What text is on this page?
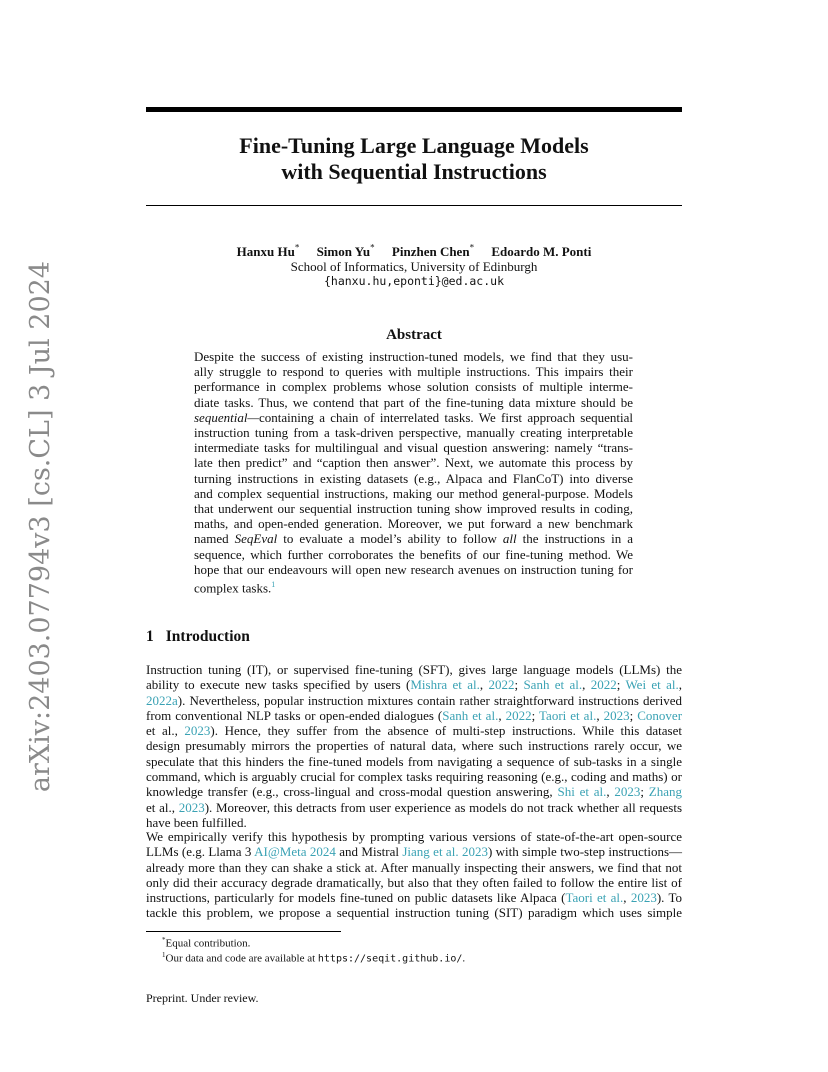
arXiv:2403.07794v3 [cs.CL] 3 Jul 2024
Fine-Tuning Large Language Models
with Sequential Instructions
Hanxu Hu* Simon Yu* Pinzhen Chen* Edoardo M. Ponti
School of Informatics, University of Edinburgh
{hanxu.hu,eponti}@ed.ac.uk
Abstract
Despite the success of existing instruction-tuned models, we find that they usu-
ally struggle to respond to queries with multiple instructions. This impairs their
performance in complex problems whose solution consists of multiple interme-
diate tasks. Thus, we contend that part of the fine-tuning data mixture should be
sequential—containing a chain of interrelated tasks. We first approach sequential
instruction tuning from a task-driven perspective, manually creating interpretable
intermediate tasks for multilingual and visual question answering: namely “trans-
late then predict” and “caption then answer”. Next, we automate this process by
turning instructions in existing datasets (e.g., Alpaca and FlanCoT) into diverse
and complex sequential instructions, making our method general-purpose. Models
that underwent our sequential instruction tuning show improved results in coding,
maths, and open-ended generation. Moreover, we put forward a new benchmark
named SeqEval to evaluate a model’s ability to follow all the instructions in a
sequence, which further corroborates the benefits of our fine-tuning method. We
hope that our endeavours will open new research avenues on instruction tuning for
complex tasks.$^1$
1 Introduction
Instruction tuning (IT), or supervised fine-tuning (SFT), gives large language models (LLMs) the
ability to execute new tasks specified by users (Mishra et al., 2022; Sanh et al., 2022; Wei et al.,
2022a). Nevertheless, popular instruction mixtures contain rather straightforward instructions derived
from conventional NLP tasks or open-ended dialogues (Sanh et al., 2022; Taori et al., 2023; Conover
et al., 2023). Hence, they suffer from the absence of multi-step instructions. While this dataset
design presumably mirrors the properties of natural data, where such instructions rarely occur, we
speculate that this hinders the fine-tuned models from navigating a sequence of sub-tasks in a single
command, which is arguably crucial for complex tasks requiring reasoning (e.g., coding and maths) or
knowledge transfer (e.g., cross-lingual and cross-modal question answering, Shi et al., 2023; Zhang
et al., 2023). Moreover, this detracts from user experience as models do not track whether all requests
have been fulfilled.
We empirically verify this hypothesis by prompting various versions of state-of-the-art open-source
LLMs (e.g. Llama 3 AI@Meta 2024 and Mistral Jiang et al. 2023) with simple two-step instructions—
already more than they can shake a stick at. After manually inspecting their answers, we find that not
only did their accuracy degrade dramatically, but also that they often failed to follow the entire list of
instructions, particularly for models fine-tuned on public datasets like Alpaca (Taori et al., 2023). To
tackle this problem, we propose a sequential instruction tuning (SIT) paradigm which uses simple
*Equal contribution.
$^1$Our data and code are available at https://seqit.github.io/.
Preprint. Under review.
